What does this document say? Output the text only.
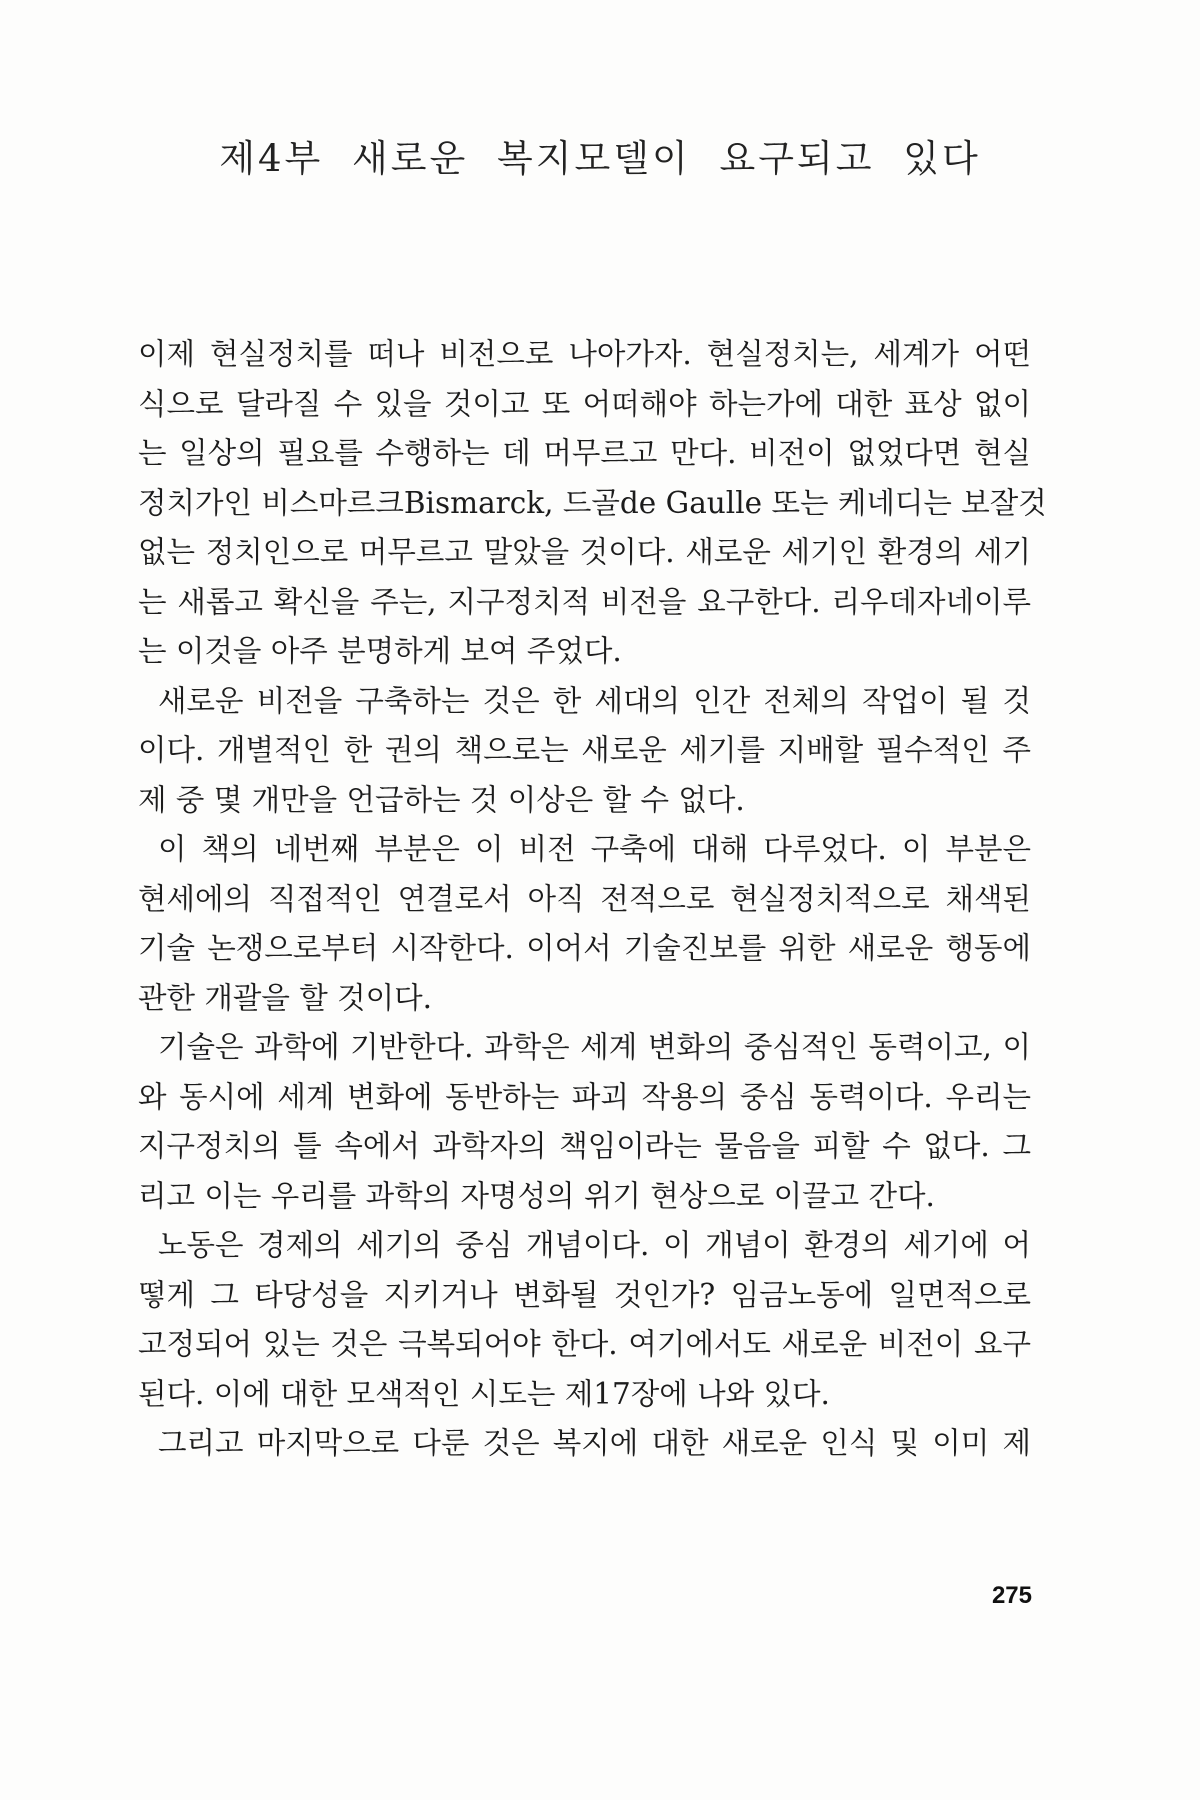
제4부 새로운 복지모델이 요구되고 있다
이제 현실정치를 떠나 비전으로 나아가자. 현실정치는, 세계가 어떤
식으로 달라질 수 있을 것이고 또 어떠해야 하는가에 대한 표상 없이
는 일상의 필요를 수행하는 데 머무르고 만다. 비전이 없었다면 현실
정치가인 비스마르크Bismarck, 드골de Gaulle 또는 케네디는 보잘것
없는 정치인으로 머무르고 말았을 것이다. 새로운 세기인 환경의 세기
는 새롭고 확신을 주는, 지구정치적 비전을 요구한다. 리우데자네이루
는 이것을 아주 분명하게 보여 주었다.
새로운 비전을 구축하는 것은 한 세대의 인간 전체의 작업이 될 것
이다. 개별적인 한 권의 책으로는 새로운 세기를 지배할 필수적인 주
제 중 몇 개만을 언급하는 것 이상은 할 수 없다.
이 책의 네번째 부분은 이 비전 구축에 대해 다루었다. 이 부분은
현세에의 직접적인 연결로서 아직 전적으로 현실정치적으로 채색된
기술 논쟁으로부터 시작한다. 이어서 기술진보를 위한 새로운 행동에
관한 개괄을 할 것이다.
기술은 과학에 기반한다. 과학은 세계 변화의 중심적인 동력이고, 이
와 동시에 세계 변화에 동반하는 파괴 작용의 중심 동력이다. 우리는
지구정치의 틀 속에서 과학자의 책임이라는 물음을 피할 수 없다. 그
리고 이는 우리를 과학의 자명성의 위기 현상으로 이끌고 간다.
노동은 경제의 세기의 중심 개념이다. 이 개념이 환경의 세기에 어
떻게 그 타당성을 지키거나 변화될 것인가? 임금노동에 일면적으로
고정되어 있는 것은 극복되어야 한다. 여기에서도 새로운 비전이 요구
된다. 이에 대한 모색적인 시도는 제17장에 나와 있다.
그리고 마지막으로 다룬 것은 복지에 대한 새로운 인식 및 이미 제
275
